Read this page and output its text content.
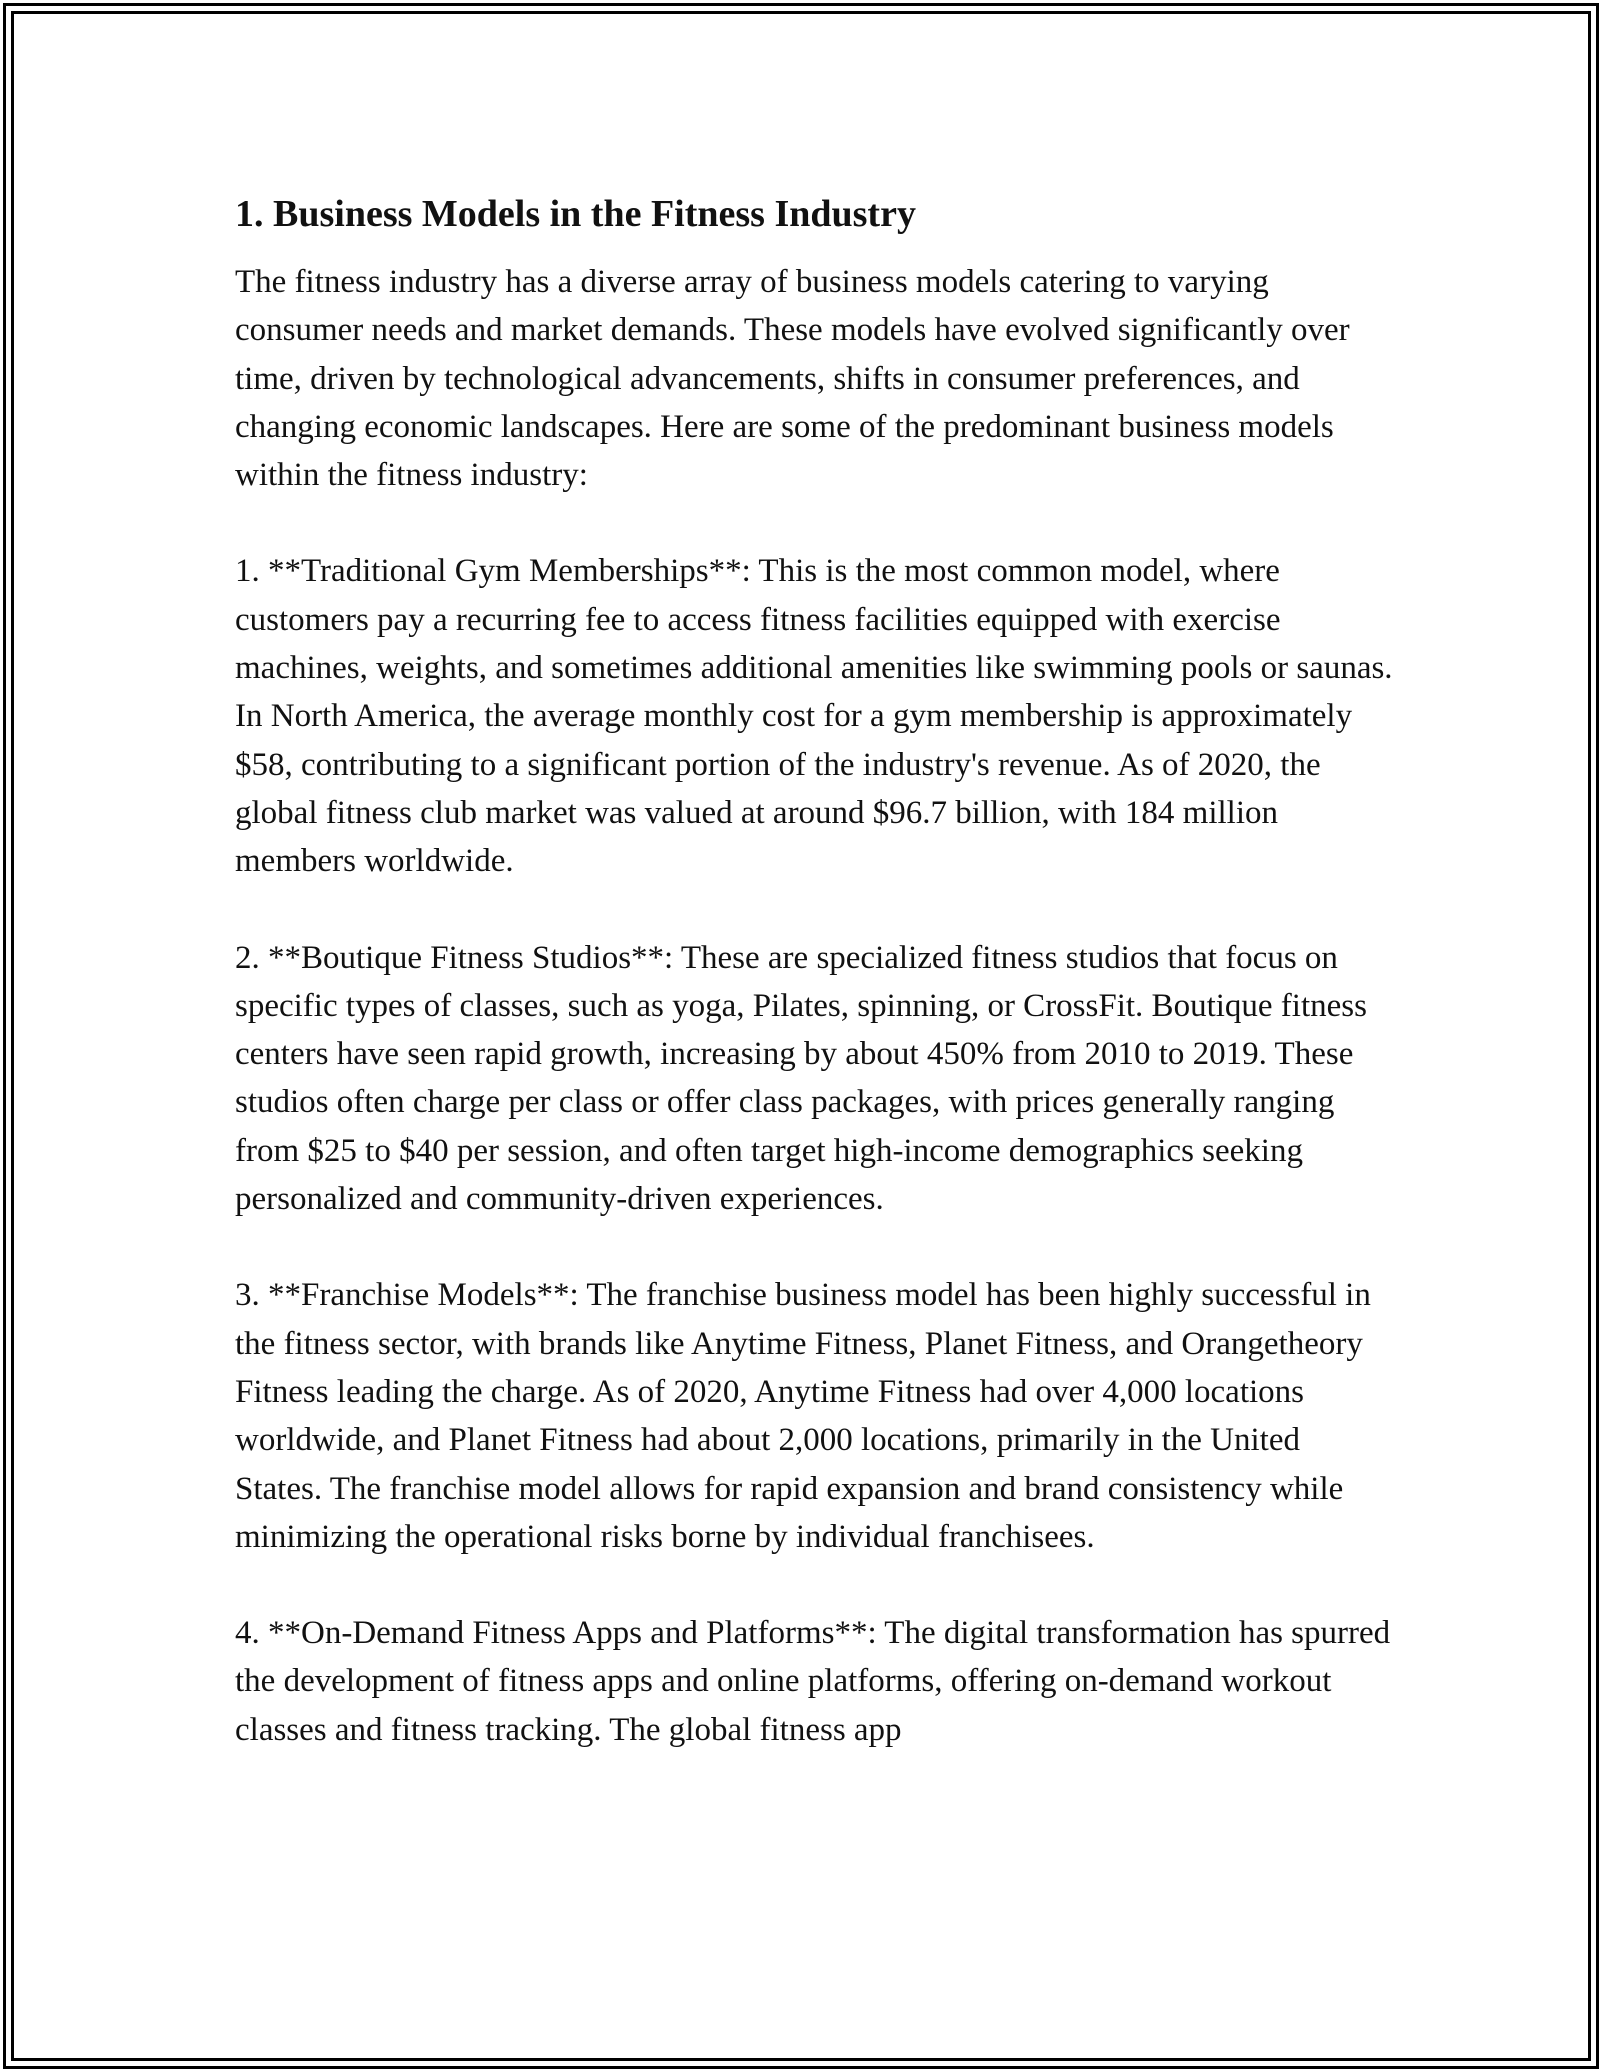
1. Business Models in the Fitness Industry

The fitness industry has a diverse array of business models catering to varying consumer needs and market demands. These models have evolved significantly over time, driven by technological advancements, shifts in consumer preferences, and changing economic landscapes. Here are some of the predominant business models within the fitness industry:

1. **Traditional Gym Memberships**: This is the most common model, where customers pay a recurring fee to access fitness facilities equipped with exercise machines, weights, and sometimes additional amenities like swimming pools or saunas. In North America, the average monthly cost for a gym membership is approximately $58, contributing to a significant portion of the industry's revenue. As of 2020, the global fitness club market was valued at around $96.7 billion, with 184 million members worldwide.

2. **Boutique Fitness Studios**: These are specialized fitness studios that focus on specific types of classes, such as yoga, Pilates, spinning, or CrossFit. Boutique fitness centers have seen rapid growth, increasing by about 450% from 2010 to 2019. These studios often charge per class or offer class packages, with prices generally ranging from $25 to $40 per session, and often target high-income demographics seeking personalized and community-driven experiences.

3. **Franchise Models**: The franchise business model has been highly successful in the fitness sector, with brands like Anytime Fitness, Planet Fitness, and Orangetheory Fitness leading the charge. As of 2020, Anytime Fitness had over 4,000 locations worldwide, and Planet Fitness had about 2,000 locations, primarily in the United States. The franchise model allows for rapid expansion and brand consistency while minimizing the operational risks borne by individual franchisees.

4. **On-Demand Fitness Apps and Platforms**: The digital transformation has spurred the development of fitness apps and online platforms, offering on-demand workout classes and fitness tracking. The global fitness app
